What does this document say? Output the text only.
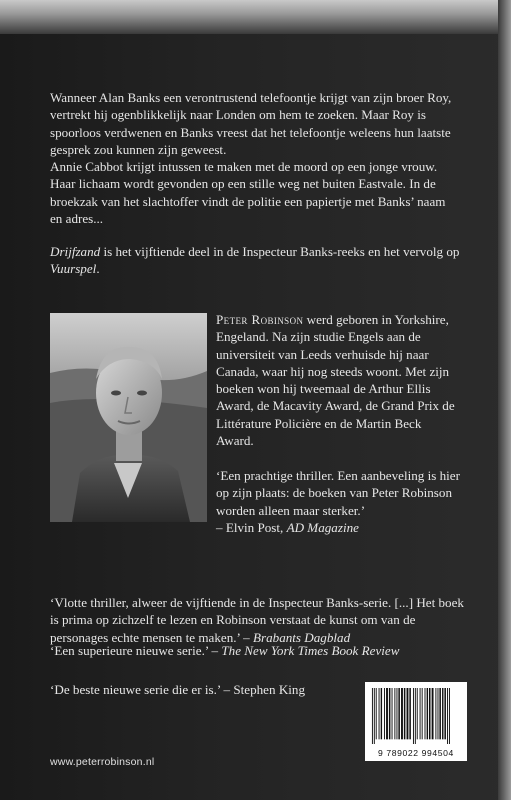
Wanneer Alan Banks een verontrustend telefoontje krijgt van zijn broer Roy, vertrekt hij ogenblikkelijk naar Londen om hem te zoeken. Maar Roy is spoorloos verdwenen en Banks vreest dat het telefoontje weleens hun laatste gesprek zou kunnen zijn geweest.

Annie Cabbot krijgt intussen te maken met de moord op een jonge vrouw. Haar lichaam wordt gevonden op een stille weg net buiten Eastvale. In de broekzak van het slachtoffer vindt de politie een papiertje met Banks’ naam en adres...

Drijfzand is het vijftiende deel in de Inspecteur Banks-reeks en het vervolg op Vuurspel.

Peter Robinson werd geboren in Yorkshire, Engeland. Na zijn studie Engels aan de universiteit van Leeds verhuisde hij naar Canada, waar hij nog steeds woont. Met zijn boeken won hij tweemaal de Arthur Ellis Award, de Macavity Award, de Grand Prix de Littérature Policière en de Martin Beck Award.

‘Een prachtige thriller. Een aanbeveling is hier op zijn plaats: de boeken van Peter Robinson worden alleen maar sterker.’

– Elvin Post, AD Magazine

‘Vlotte thriller, alweer de vijftiende in de Inspecteur Banks-serie. [...] Het boek is prima op zichzelf te lezen en Robinson verstaat de kunst om van de personages echte mensen te maken.’ – Brabants Dagblad

‘Een superieure nieuwe serie.’ – The New York Times Book Review

‘De beste nieuwe serie die er is.’ – Stephen King

www.peterrobinson.nl
9 789022 994504
